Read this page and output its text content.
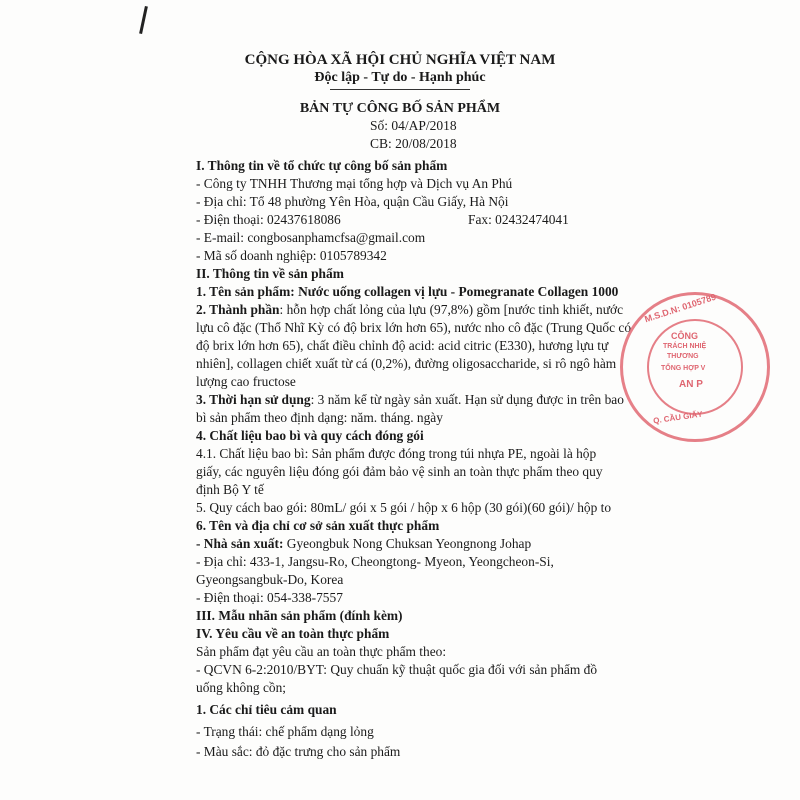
CỘNG HÒA XÃ HỘI CHỦ NGHĨA VIỆT NAM
Độc lập - Tự do - Hạnh phúc
BẢN TỰ CÔNG BỐ SẢN PHẨM
Số: 04/AP/2018
CB: 20/08/2018
I. Thông tin về tổ chức tự công bố sản phẩm
- Công ty TNHH Thương mại tổng hợp và Dịch vụ An Phú
- Địa chỉ: Tổ 48 phường Yên Hòa, quận Cầu Giấy, Hà Nội
- Điện thoại: 02437618086	Fax: 02432474041
- E-mail: congbosanphamcfsa@gmail.com
- Mã số doanh nghiệp: 0105789342
II. Thông tin về sản phẩm
1. Tên sản phẩm: Nước uống collagen vị lựu - Pomegranate Collagen 1000
2. Thành phần: hỗn hợp chất lỏng của lựu (97,8%) gồm [nước tinh khiết, nước
lựu cô đặc (Thổ Nhĩ Kỳ có độ brix lớn hơn 65), nước nho cô đặc (Trung Quốc có
độ brix lớn hơn 65), chất điều chỉnh độ acid: acid citric (E330), hương lựu tự
nhiên], collagen chiết xuất từ cá (0,2%), đường oligosaccharide, si rô ngô hàm
lượng cao fructose
3. Thời hạn sử dụng: 3 năm kể từ ngày sản xuất. Hạn sử dụng được in trên bao
bì sản phẩm theo định dạng: năm. tháng. ngày
4. Chất liệu bao bì và quy cách đóng gói
4.1. Chất liệu bao bì: Sản phẩm được đóng trong túi nhựa PE, ngoài là hộp
giấy, các nguyên liệu đóng gói đảm bảo vệ sinh an toàn thực phẩm theo quy
định Bộ Y tế
5. Quy cách bao gói: 80mL/ gói x 5 gói / hộp x 6 hộp (30 gói)(60 gói)/ hộp to
6. Tên và địa chỉ cơ sở sản xuất thực phẩm
- Nhà sản xuất: Gyeongbuk Nong Chuksan Yeongnong Johap
- Địa chỉ: 433-1, Jangsu-Ro, Cheongtong- Myeon, Yeongcheon-Si,
Gyeongsangbuk-Do, Korea
- Điện thoại: 054-338-7557
III. Mẫu nhãn sản phẩm (đính kèm)
IV. Yêu cầu về an toàn thực phẩm
Sản phẩm đạt yêu cầu an toàn thực phẩm theo:
- QCVN 6-2:2010/BYT: Quy chuẩn kỹ thuật quốc gia đối với sản phẩm đồ
uống không cồn;
1. Các chỉ tiêu cảm quan
- Trạng thái: chế phẩm dạng lỏng
- Màu sắc: đỏ đặc trưng cho sản phẩm
M.S.D.N: 0105789
CÔNG
TRÁCH NHIỆ
THƯƠNG
TỔNG HỢP V
AN P
Q. CẦU GIẤY
